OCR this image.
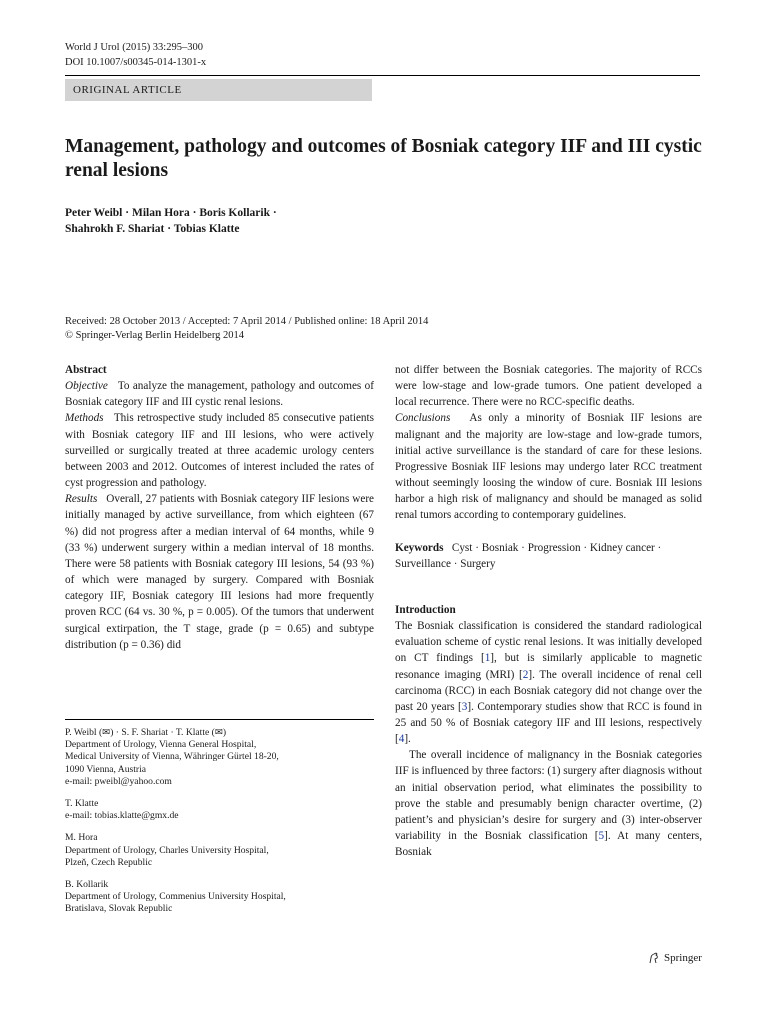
World J Urol (2015) 33:295–300
DOI 10.1007/s00345-014-1301-x
ORIGINAL ARTICLE
Management, pathology and outcomes of Bosniak category IIF and III cystic renal lesions
Peter Weibl · Milan Hora · Boris Kollarik ·
Shahrokh F. Shariat · Tobias Klatte
Received: 28 October 2013 / Accepted: 7 April 2014 / Published online: 18 April 2014
© Springer-Verlag Berlin Heidelberg 2014

Abstract

Objective To analyze the management, pathology and outcomes of Bosniak category IIF and III cystic renal lesions.

Methods This retrospective study included 85 consecutive patients with Bosniak category IIF and III lesions, who were actively surveilled or surgically treated at three academic urology centers between 2003 and 2012. Outcomes of interest included the rates of cyst progression and pathology.

Results Overall, 27 patients with Bosniak category IIF lesions were initially managed by active surveillance, from which eighteen (67 %) did not progress after a median interval of 64 months, while 9 (33 %) underwent surgery within a median interval of 18 months. There were 58 patients with Bosniak category III lesions, 54 (93 %) of which were managed by surgery. Compared with Bosniak category IIF, Bosniak category III lesions had more frequently proven RCC (64 vs. 30 %, p = 0.005). Of the tumors that underwent surgical extirpation, the T stage, grade (p = 0.65) and subtype distribution (p = 0.36) did

P. Weibl (✉) · S. F. Shariat · T. Klatte (✉)
Department of Urology, Vienna General Hospital,
Medical University of Vienna, Währinger Gürtel 18-20,
1090 Vienna, Austria
e-mail: pweibl@yahoo.com
T. Klatte
e-mail: tobias.klatte@gmx.de
M. Hora
Department of Urology, Charles University Hospital,
Plzeň, Czech Republic
B. Kollarik
Department of Urology, Commenius University Hospital,
Bratislava, Slovak Republic

not differ between the Bosniak categories. The majority of RCCs were low-stage and low-grade tumors. One patient developed a local recurrence. There were no RCC-specific deaths.

Conclusions As only a minority of Bosniak IIF lesions are malignant and the majority are low-stage and low-grade tumors, initial active surveillance is the standard of care for these lesions. Progressive Bosniak IIF lesions may undergo later RCC treatment without seemingly loosing the window of cure. Bosniak III lesions harbor a high risk of malignancy and should be managed as solid renal tumors according to contemporary guidelines.

Keywords Cyst · Bosniak · Progression · Kidney cancer · Surveillance · Surgery

Introduction

The Bosniak classification is considered the standard radiological evaluation scheme of cystic renal lesions. It was initially developed on CT findings [1], but is similarly applicable to magnetic resonance imaging (MRI) [2]. The overall incidence of renal cell carcinoma (RCC) in each Bosniak category did not change over the past 20 years [3]. Contemporary studies show that RCC is found in 25 and 50 % of Bosniak category IIF and III lesions, respectively [4].

The overall incidence of malignancy in the Bosniak categories IIF is influenced by three factors: (1) surgery after diagnosis without an initial observation period, what eliminates the possibility to prove the stable and presumably benign character overtime, (2) patient’s and physician’s desire for surgery and (3) inter-observer variability in the Bosniak classification [5]. At many centers, Bosniak

Springer
